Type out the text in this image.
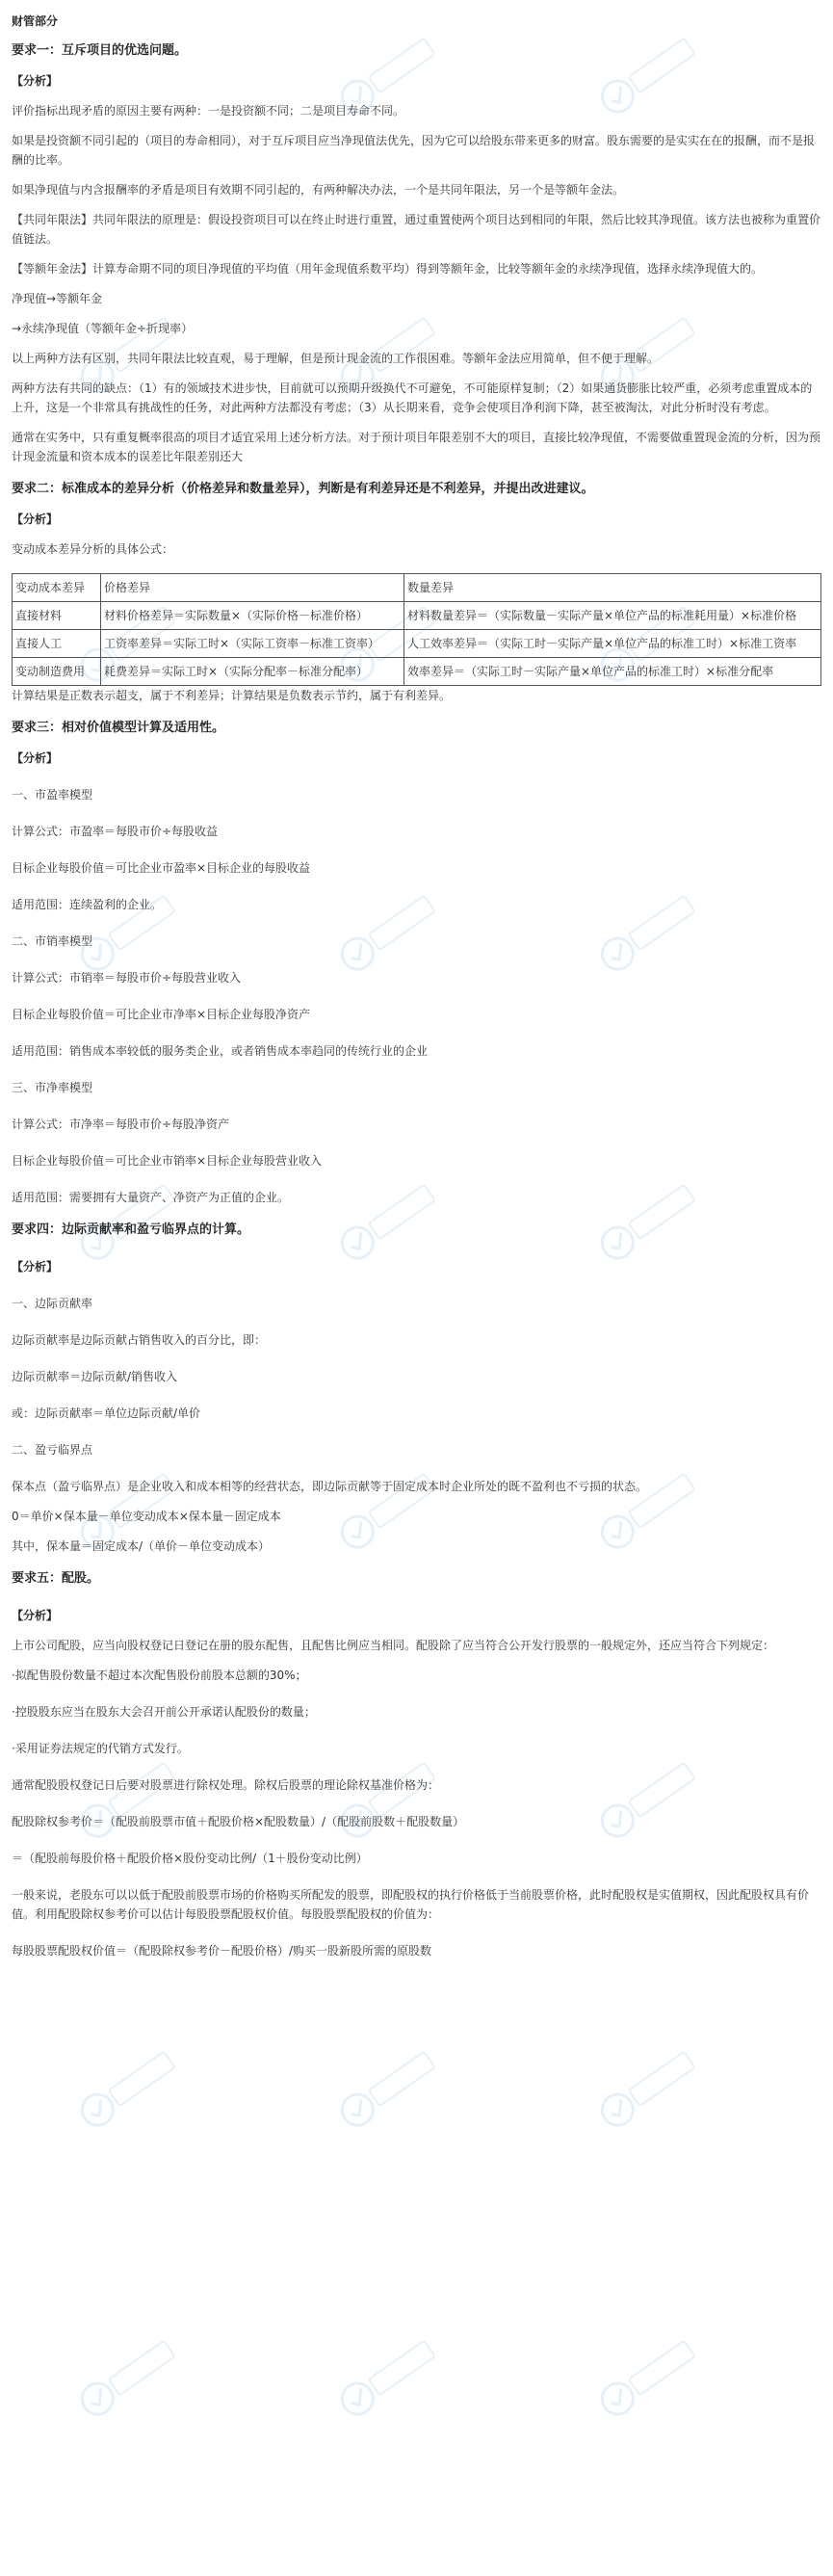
财管部分

要求一：互斥项目的优选问题。

【分析】

评价指标出现矛盾的原因主要有两种：一是投资额不同；二是项目寿命不同。

如果是投资额不同引起的（项目的寿命相同），对于互斥项目应当净现值法优先，因为它可以给股东带来更多的财富。股东需要的是实实在在的报酬，而不是报酬的比率。

如果净现值与内含报酬率的矛盾是项目有效期不同引起的，有两种解决办法，一个是共同年限法，另一个是等额年金法。

【共同年限法】共同年限法的原理是：假设投资项目可以在终止时进行重置，通过重置使两个项目达到相同的年限，然后比较其净现值。该方法也被称为重置价值链法。

【等额年金法】计算寿命期不同的项目净现值的平均值（用年金现值系数平均）得到等额年金，比较等额年金的永续净现值，选择永续净现值大的。

净现值→等额年金

→永续净现值（等额年金÷折现率）

以上两种方法有区别，共同年限法比较直观，易于理解，但是预计现金流的工作很困难。等额年金法应用简单，但不便于理解。

两种方法有共同的缺点：（1）有的领域技术进步快，目前就可以预期升级换代不可避免，不可能原样复制；（2）如果通货膨胀比较严重，必须考虑重置成本的上升，这是一个非常具有挑战性的任务，对此两种方法都没有考虑；（3）从长期来看，竞争会使项目净利润下降，甚至被淘汰，对此分析时没有考虑。

通常在实务中，只有重复概率很高的项目才适宜采用上述分析方法。对于预计项目年限差别不大的项目，直接比较净现值，不需要做重置现金流的分析，因为预计现金流量和资本成本的误差比年限差别还大

要求二：标准成本的差异分析（价格差异和数量差异），判断是有利差异还是不利差异，并提出改进建议。

【分析】

变动成本差异分析的具体公式：

变动成本差异	价格差异	数量差异
直接材料	材料价格差异＝实际数量×（实际价格－标准价格）	材料数量差异＝（实际数量－实际产量×单位产品的标准耗用量）×标准价格
直接人工	工资率差异＝实际工时×（实际工资率－标准工资率）	人工效率差异＝（实际工时－实际产量×单位产品的标准工时）×标准工资率
变动制造费用	耗费差异＝实际工时×（实际分配率－标准分配率）	效率差异＝（实际工时－实际产量×单位产品的标准工时）×标准分配率

计算结果是正数表示超支，属于不利差异；计算结果是负数表示节约，属于有利差异。

要求三：相对价值模型计算及适用性。

【分析】

一、市盈率模型

计算公式：市盈率＝每股市价÷每股收益

目标企业每股价值＝可比企业市盈率×目标企业的每股收益

适用范围：连续盈利的企业。

二、市销率模型

计算公式：市销率＝每股市价÷每股营业收入

目标企业每股价值＝可比企业市净率×目标企业每股净资产

适用范围：销售成本率较低的服务类企业，或者销售成本率趋同的传统行业的企业

三、市净率模型

计算公式：市净率＝每股市价÷每股净资产

目标企业每股价值＝可比企业市销率×目标企业每股营业收入

适用范围：需要拥有大量资产、净资产为正值的企业。

要求四：边际贡献率和盈亏临界点的计算。

【分析】

一、边际贡献率

边际贡献率是边际贡献占销售收入的百分比，即：

边际贡献率＝边际贡献/销售收入

或：边际贡献率＝单位边际贡献/单价

二、盈亏临界点

保本点（盈亏临界点）是企业收入和成本相等的经营状态，即边际贡献等于固定成本时企业所处的既不盈利也不亏损的状态。

0＝单价×保本量－单位变动成本×保本量－固定成本

其中，保本量＝固定成本/（单价－单位变动成本）

要求五：配股。

【分析】

上市公司配股，应当向股权登记日登记在册的股东配售，且配售比例应当相同。配股除了应当符合公开发行股票的一般规定外，还应当符合下列规定：

·拟配售股份数量不超过本次配售股份前股本总额的30%；

·控股股东应当在股东大会召开前公开承诺认配股份的数量；

·采用证券法规定的代销方式发行。

通常配股股权登记日后要对股票进行除权处理。除权后股票的理论除权基准价格为：

配股除权参考价＝（配股前股票市值＋配股价格×配股数量）/（配股前股数＋配股数量）

＝（配股前每股价格＋配股价格×股份变动比例/（1＋股份变动比例）

一般来说，老股东可以以低于配股前股票市场的价格购买所配发的股票，即配股权的执行价格低于当前股票价格，此时配股权是实值期权，因此配股权具有价值。利用配股除权参考价可以估计每股股票配股权价值。每股股票配股权的价值为：

每股股票配股权价值＝（配股除权参考价－配股价格）/购买一股新股所需的原股数
